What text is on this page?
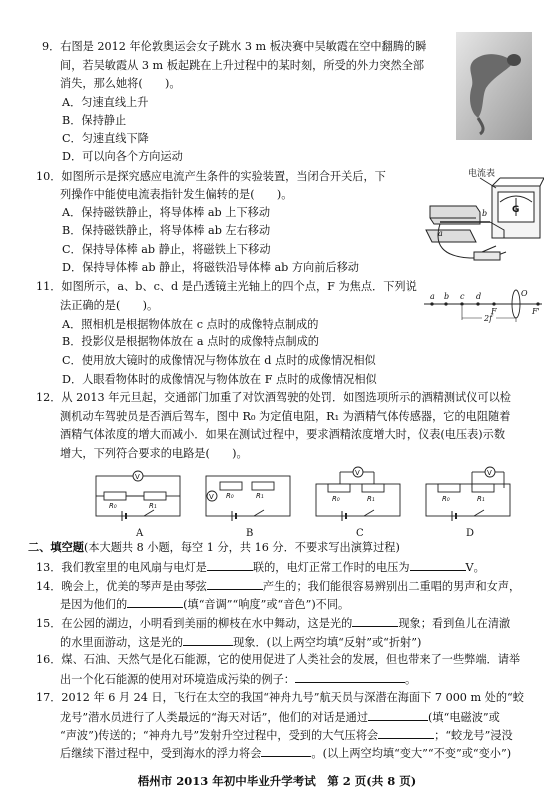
9．右图是 2012 年伦敦奥运会女子跳水 3 m 板决赛中吴敏霞在空中翻腾的瞬
间，若吴敏霞从 3 m 板起跳在上升过程中的某时刻，所受的外力突然全部
消失，那么她将(　　)。
A．匀速直线上升
B．保持静止
C．匀速直线下降
D．可以向各个方向运动
10．如图所示是探究感应电流产生条件的实验装置，当闭合开关后，下
列操作中能使电流表指针发生偏转的是(　　)。
A．保持磁铁静止，将导体棒 ab 上下移动
B．保持磁铁静止，将导体棒 ab 左右移动
C．保持导体棒 ab 静止，将磁铁上下移动
D．保持导体棒 ab 静止，将磁铁沿导体棒 ab 方向前后移动
电流表
G
a
b
11．如图所示，a、b、c、d 是凸透镜主光轴上的四个点，F 为焦点．下列说
法正确的是(　　)。
A．照相机是根据物体放在 c 点时的成像特点制成的
B．投影仪是根据物体放在 a 点时的成像特点制成的
C．使用放大镜时的成像情况与物体放在 d 点时的成像情况相似
D．人眼看物体时的成像情况与物体放在 F 点时的成像情况相似
a b c d
F
O
F'
2f
12．从 2013 年元旦起，交通部门加重了对饮酒驾驶的处罚．如图选项所示的酒精测试仪可以检
测机动车驾驶员是否酒后驾车，图中 R₀ 为定值电阻，R₁ 为酒精气体传感器，它的电阻随着
酒精气体浓度的增大而减小．如果在测试过程中，要求酒精浓度增大时，仪表(电压表)示数
增大，下列符合要求的电路是(　　)。
V
R₀	R₁
V R₀	R₁
V
R₀	R₁
V
R₀	R₁
A	B	C	D
二、填空题(本大题共 8 小题，每空 1 分，共 16 分．不要求写出演算过程)
13．我们教室里的电风扇与电灯是	联的，电灯正常工作时的电压为	V。
14．晚会上，优美的琴声是由琴弦	产生的；我们能很容易辨别出二重唱的男声和女声，
是因为他们的	(填“音调”“响度”或“音色”)不同。
15．在公园的湖边，小明看到美丽的柳枝在水中舞动，这是光的	现象；看到鱼儿在清澈
的水里面游动，这是光的	现象．(以上两空均填“反射”或“折射”)
16．煤、石油、天然气是化石能源，它的使用促进了人类社会的发展，但也带来了一些弊端．请举
出一个化石能源的使用对环境造成污染的例子：	。
17．2012 年 6 月 24 日，飞行在太空的我国“神舟九号”航天员与深潜在海面下 7 000 m 处的“蛟
龙号”潜水员进行了人类最远的“海天对话”，他们的对话是通过	(填“电磁波”或
“声波”)传送的；“神舟九号”发射升空过程中，受到的大气压将会	；“蛟龙号”浸没
梧州市 2013 年初中毕业升学考试　第 2 页(共 8 页)
后继续下潜过程中，受到海水的浮力将会	。(以上两空均填“变大”“不变”或“变小”)
